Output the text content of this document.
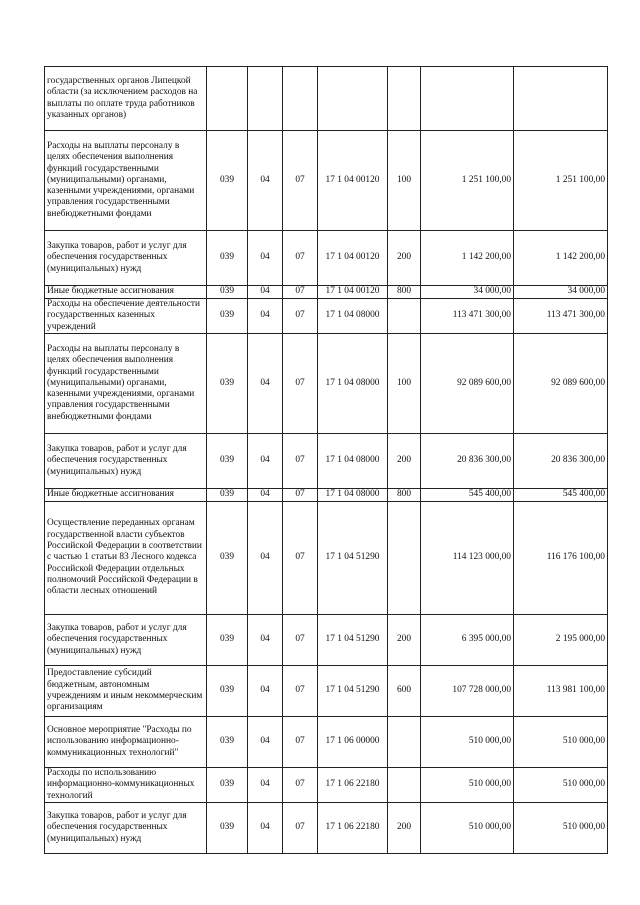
государственных органов Липецкой области (за исключением расходов на выплаты по оплате труда работников указанных органов)							
Расходы на выплаты персоналу в целях обеспечения выполнения функций государственными (муниципальными) органами, казенными учреждениями, органами управления государственными внебюджетными фондами	039	04	07	17 1 04 00120	100	1 251 100,00	1 251 100,00
Закупка товаров, работ и услуг для обеспечения государственных (муниципальных) нужд	039	04	07	17 1 04 00120	200	1 142 200,00	1 142 200,00
Иные бюджетные ассигнования	039	04	07	17 1 04 00120	800	34 000,00	34 000,00
Расходы на обеспечение деятельности государственных казенных учреждений	039	04	07	17 1 04 08000		113 471 300,00	113 471 300,00
Расходы на выплаты персоналу в целях обеспечения выполнения функций государственными (муниципальными) органами, казенными учреждениями, органами управления государственными внебюджетными фондами	039	04	07	17 1 04 08000	100	92 089 600,00	92 089 600,00
Закупка товаров, работ и услуг для обеспечения государственных (муниципальных) нужд	039	04	07	17 1 04 08000	200	20 836 300,00	20 836 300,00
Иные бюджетные ассигнования	039	04	07	17 1 04 08000	800	545 400,00	545 400,00
Осуществление переданных органам государственной власти субъектов Российской Федерации в соответствии с частью 1 статьи 83 Лесного кодекса Российской Федерации отдельных полномочий Российской Федерации в области лесных отношений	039	04	07	17 1 04 51290		114 123 000,00	116 176 100,00
Закупка товаров, работ и услуг для обеспечения государственных (муниципальных) нужд	039	04	07	17 1 04 51290	200	6 395 000,00	2 195 000,00
Предоставление субсидий бюджетным, автономным учреждениям и иным некоммерческим организациям	039	04	07	17 1 04 51290	600	107 728 000,00	113 981 100,00
Основное мероприятие "Расходы по использованию информационно-коммуникационных технологий"	039	04	07	17 1 06 00000		510 000,00	510 000,00
Расходы по использованию информационно-коммуникационных технологий	039	04	07	17 1 06 22180		510 000,00	510 000,00
Закупка товаров, работ и услуг для обеспечения государственных (муниципальных) нужд	039	04	07	17 1 06 22180	200	510 000,00	510 000,00
